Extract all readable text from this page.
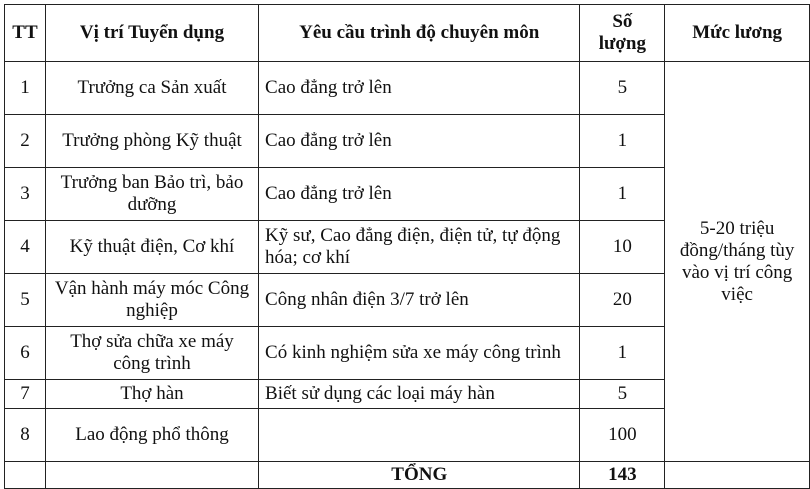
TT	Vị trí Tuyển dụng	Yêu cầu trình độ chuyên môn	Số lượng	Mức lương
1	Trưởng ca Sản xuất	Cao đẳng trở lên	5	5-20 triệu đồng/tháng tùy vào vị trí công việc
2	Trưởng phòng Kỹ thuật	Cao đẳng trở lên	1	
3	Trưởng ban Bảo trì, bảo dưỡng	Cao đẳng trở lên	1	
4	Kỹ thuật điện, Cơ khí	Kỹ sư, Cao đẳng điện, điện tử, tự động hóa; cơ khí	10	
5	Vận hành máy móc Công nghiệp	Công nhân điện 3/7 trở lên	20	
6	Thợ sửa chữa xe máy công trình	Có kinh nghiệm sửa xe máy công trình	1	
7	Thợ hàn	Biết sử dụng các loại máy hàn	5	
8	Lao động phổ thông		100	
		TỔNG	143	
